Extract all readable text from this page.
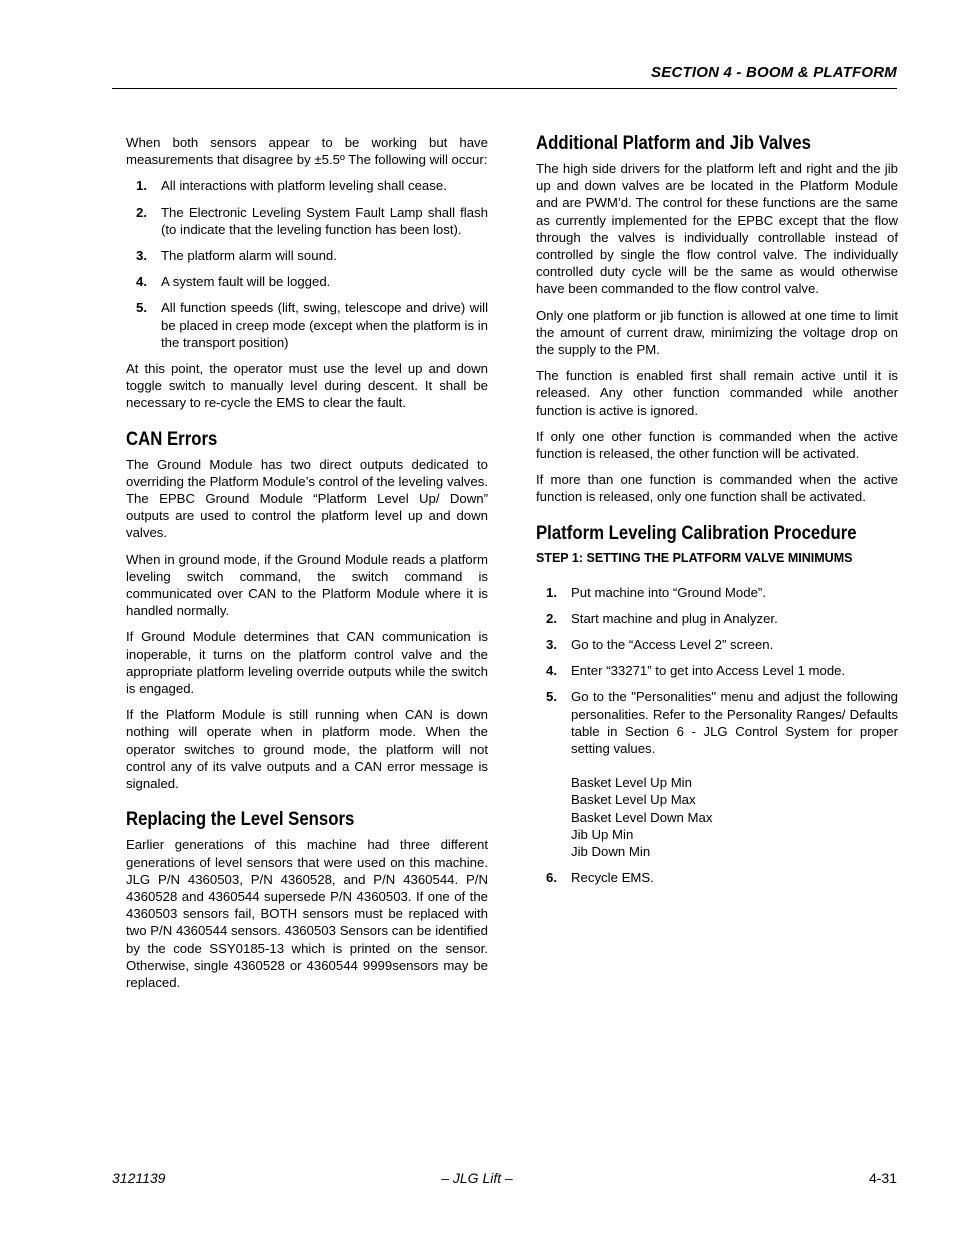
SECTION 4 - BOOM & PLATFORM

When both sensors appear to be working but have measurements that disagree by ±5.5º The following will occur:

1. All interactions with platform leveling shall cease.
2. The Electronic Leveling System Fault Lamp shall flash (to indicate that the leveling function has been lost).
3. The platform alarm will sound.
4. A system fault will be logged.
5. All function speeds (lift, swing, telescope and drive) will be placed in creep mode (except when the platform is in the transport position)

At this point, the operator must use the level up and down toggle switch to manually level during descent. It shall be necessary to re-cycle the EMS to clear the fault.

CAN Errors

The Ground Module has two direct outputs dedicated to overriding the Platform Module’s control of the leveling valves. The EPBC Ground Module “Platform Level Up/ Down” outputs are used to control the platform level up and down valves.

When in ground mode, if the Ground Module reads a platform leveling switch command, the switch command is communicated over CAN to the Platform Module where it is handled normally.

If Ground Module determines that CAN communication is inoperable, it turns on the platform control valve and the appropriate platform leveling override outputs while the switch is engaged.

If the Platform Module is still running when CAN is down nothing will operate when in platform mode. When the operator switches to ground mode, the platform will not control any of its valve outputs and a CAN error message is signaled.

Replacing the Level Sensors

Earlier generations of this machine had three different generations of level sensors that were used on this machine. JLG P/N 4360503, P/N 4360528, and P/N 4360544. P/N 4360528 and 4360544 supersede P/N 4360503. If one of the 4360503 sensors fail, BOTH sensors must be replaced with two P/N 4360544 sensors. 4360503 Sensors can be identified by the code SSY0185-13 which is printed on the sensor. Otherwise, single 4360528 or 4360544 9999sensors may be replaced.

Additional Platform and Jib Valves

The high side drivers for the platform left and right and the jib up and down valves are be located in the Platform Module and are PWM’d. The control for these functions are the same as currently implemented for the EPBC except that the flow through the valves is individually controllable instead of controlled by single the flow control valve. The individually controlled duty cycle will be the same as would otherwise have been commanded to the flow control valve.

Only one platform or jib function is allowed at one time to limit the amount of current draw, minimizing the voltage drop on the supply to the PM.

The function is enabled first shall remain active until it is released. Any other function commanded while another function is active is ignored.

If only one other function is commanded when the active function is released, the other function will be activated.

If more than one function is commanded when the active function is released, only one function shall be activated.

Platform Leveling Calibration Procedure
STEP 1: SETTING THE PLATFORM VALVE MINIMUMS
1. Put machine into “Ground Mode”.
2. Start machine and plug in Analyzer.
3. Go to the “Access Level 2” screen.
4. Enter “33271” to get into Access Level 1 mode.
5. Go to the "Personalities" menu and adjust the following personalities. Refer to the Personality Ranges/ Defaults table in Section 6 - JLG Control System for proper setting values.
Basket Level Up Min
Basket Level Up Max
Basket Level Down Max
Jib Up Min
Jib Down Min
6. Recycle EMS.
3121139	– JLG Lift –	4-31
